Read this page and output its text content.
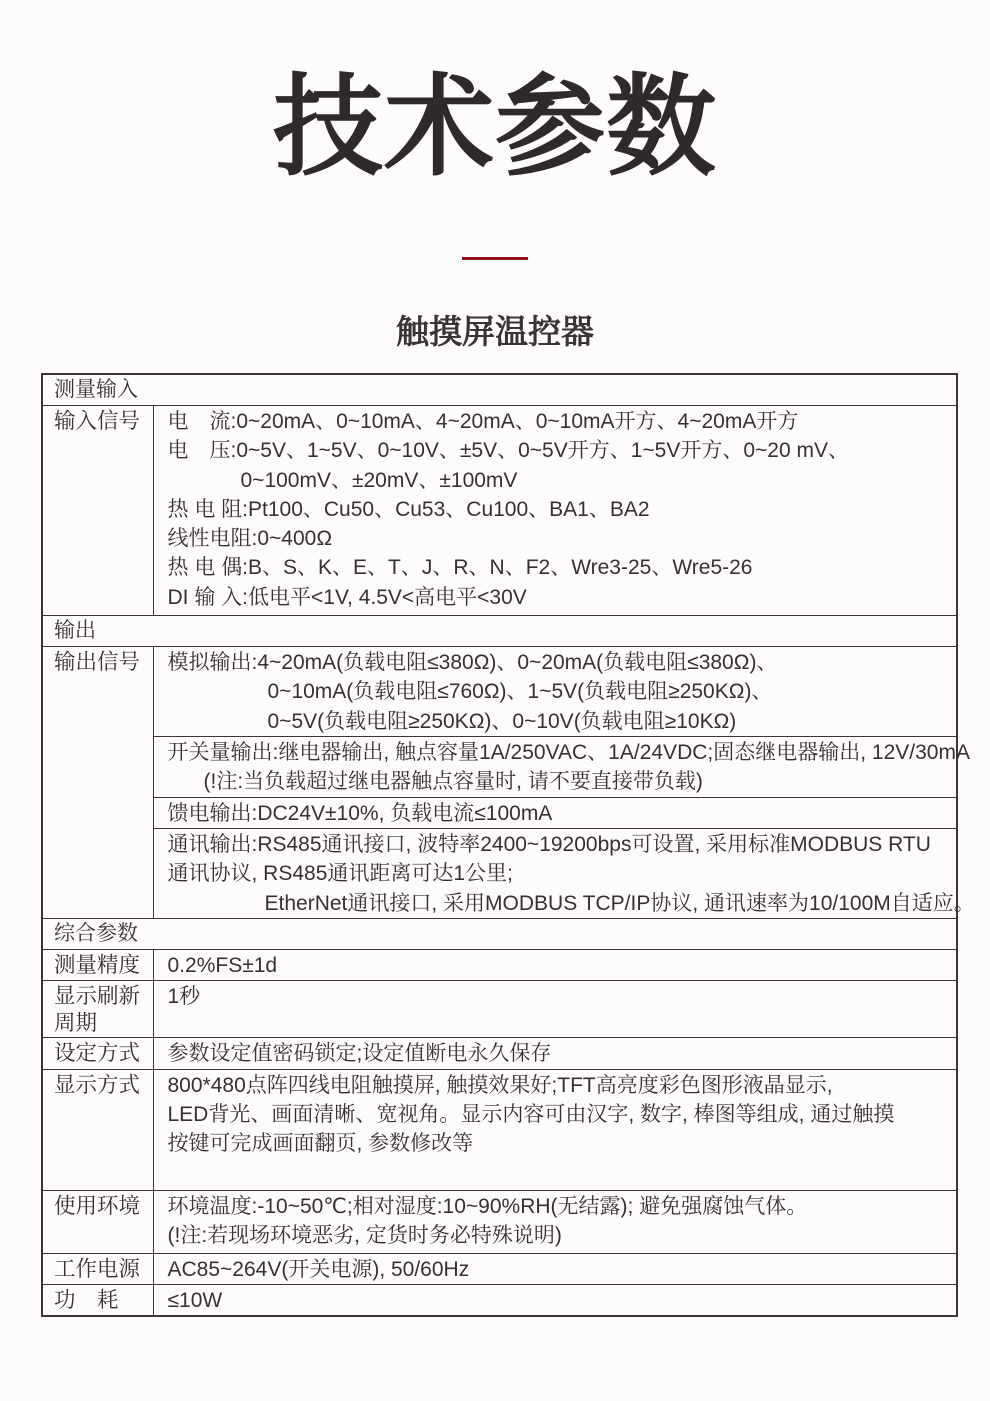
技术参数
触摸屏温控器
测量输入	
输入信号	电　流:0~20mA、0~10mA、4~20mA、0~10mA开方、4~20mA开方
电　压:0~5V、1~5V、0~10V、±5V、0~5V开方、1~5V开方、0~20 mV、
0~100mV、±20mV、±100mV
热 电 阻:Pt100、Cu50、Cu53、Cu100、BA1、BA2
线性电阻:0~400Ω
热 电 偶:B、S、K、E、T、J、R、N、F2、Wre3-25、Wre5-26
DI 输 入:低电平<1V, 4.5V<高电平<30V

输出	
输出信号	模拟输出:4~20mA(负载电阻≤380Ω)、0~20mA(负载电阻≤380Ω)、
0~10mA(负载电阻≤760Ω)、1~5V(负载电阻≥250KΩ)、
0~5V(负载电阻≥250KΩ)、0~10V(负载电阻≥10KΩ)

	开关量输出:继电器输出, 触点容量1A/250VAC、1A/24VDC;固态继电器输出, 12V/30mA
(!注:当负载超过继电器触点容量时, 请不要直接带负载)

	馈电输出:DC24V±10%, 负载电流≤100mA

	通讯输出:RS485通讯接口, 波特率2400~19200bps可设置, 采用标准MODBUS RTU
通讯协议, RS485通讯距离可达1公里;
EtherNet通讯接口, 采用MODBUS TCP/IP协议, 通讯速率为10/100M自适应。

综合参数	
测量精度	0.2%FS±1d

显示刷新周期	1秒

设定方式	参数设定值密码锁定;设定值断电永久保存

显示方式	800*480点阵四线电阻触摸屏, 触摸效果好;TFT高亮度彩色图形液晶显示,
LED背光、画面清晰、宽视角。显示内容可由汉字, 数字, 棒图等组成, 通过触摸
按键可完成画面翻页, 参数修改等

使用环境	环境温度:-10~50℃;相对湿度:10~90%RH(无结露); 避免强腐蚀气体。
(!注:若现场环境恶劣, 定货时务必特殊说明)

工作电源	AC85~264V(开关电源), 50/60Hz

功　耗	≤10W
